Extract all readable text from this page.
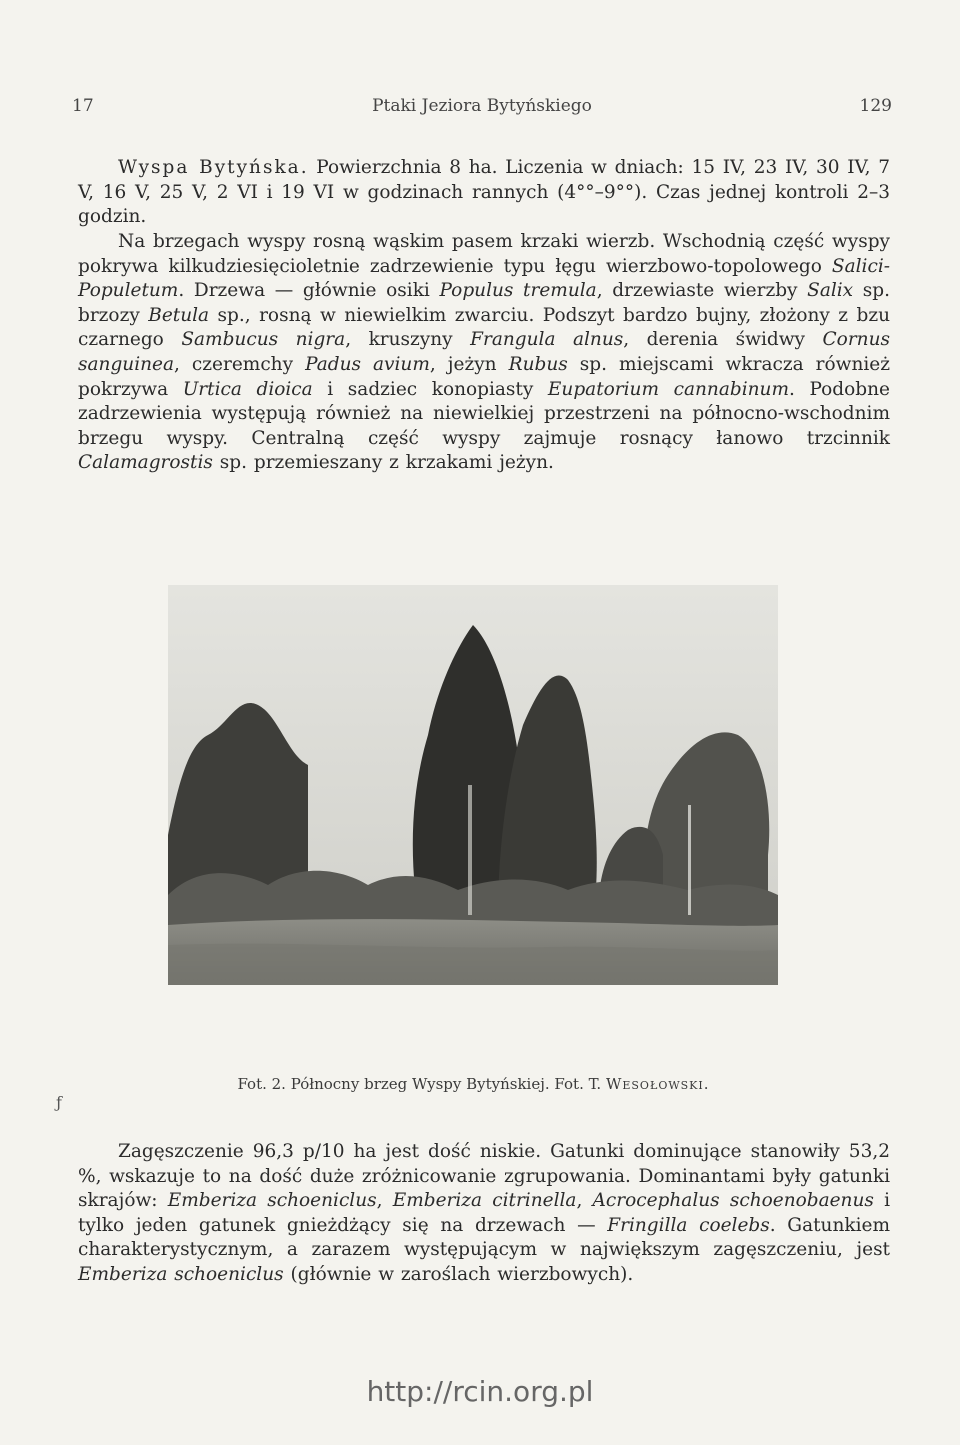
17	Ptaki Jeziora Bytyńskiego	129

Wyspa Bytyńska. Powierzchnia 8 ha. Liczenia w dniach: 15 IV, 23 IV, 30 IV, 7 V, 16 V, 25 V, 2 VI i 19 VI w godzinach rannych (4°°–9°°). Czas jednej kontroli 2–3 godzin.

Na brzegach wyspy rosną wąskim pasem krzaki wierzb. Wschodnią część wyspy pokrywa kilkudziesięcioletnie zadrzewienie typu łęgu wierzbowo-topolowego Salici-Populetum. Drzewa — głównie osiki Populus tremula, drzewiaste wierzby Salix sp. brzozy Betula sp., rosną w niewielkim zwarciu. Podszyt bardzo bujny, złożony z bzu czarnego Sambucus nigra, kruszyny Frangula alnus, derenia świdwy Cornus sanguinea, czeremchy Padus avium, jeżyn Rubus sp. miejscami wkracza również pokrzywa Urtica dioica i sadziec konopiasty Eupatorium cannabinum. Podobne zadrzewienia występują również na niewielkiej przestrzeni na północno-wschodnim brzegu wyspy. Centralną część wyspy zajmuje rosnący łanowo trzcinnik Calamagrostis sp. przemieszany z krzakami jeżyn.

Fot. 2. Północny brzeg Wyspy Bytyńskiej. Fot. T. Wesołowski.
ƒ

Zagęszczenie 96,3 p/10 ha jest dość niskie. Gatunki dominujące stanowiły 53,2 %, wskazuje to na dość duże zróżnicowanie zgrupowania. Dominantami były gatunki skrajów: Emberiza schoeniclus, Emberiza citrinella, Acrocephalus schoenobaenus i tylko jeden gatunek gnieżdżący się na drzewach — Fringilla coelebs. Gatunkiem charakterystycznym, a zarazem występującym w największym zagęszczeniu, jest Emberiza schoeniclus (głównie w zaroślach wierzbowych).

http://rcin.org.pl
